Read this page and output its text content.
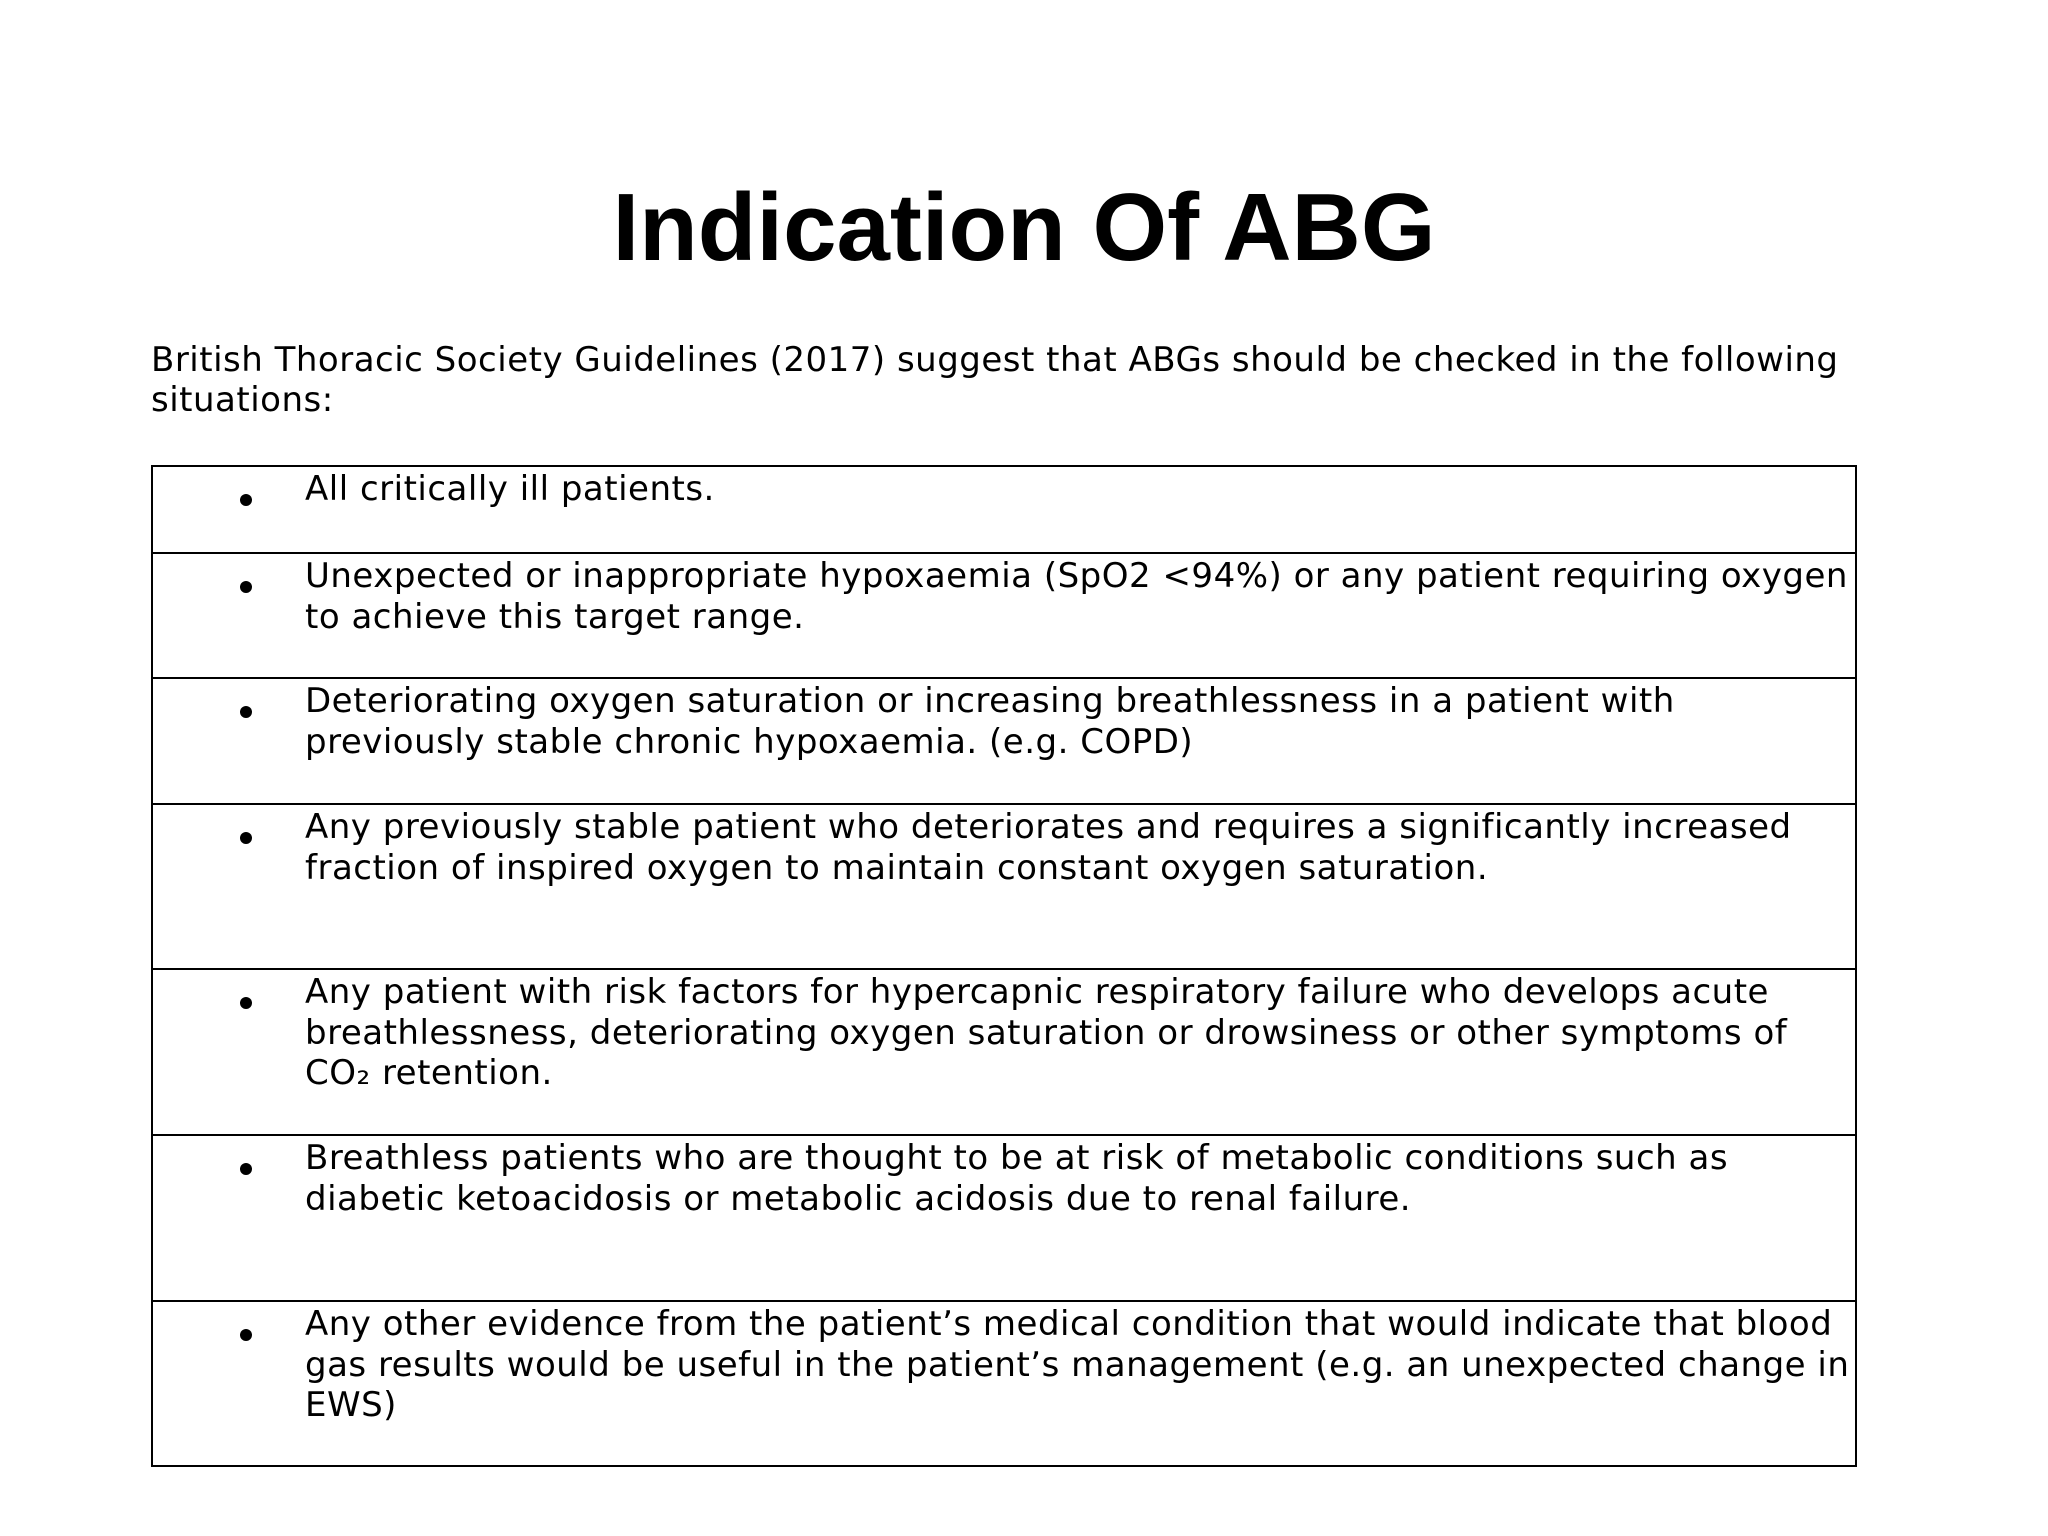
Indication Of ABG

British Thoracic Society Guidelines (2017) suggest that ABGs should be checked in the following situations:

All critically ill patients.
Unexpected or inappropriate hypoxaemia (SpO2 <94%) or any patient requiring oxygen to achieve this target range.
Deteriorating oxygen saturation or increasing breathlessness in a patient with previously stable chronic hypoxaemia. (e.g. COPD)
Any previously stable patient who deteriorates and requires a significantly increased fraction of inspired oxygen to maintain constant oxygen saturation.
Any patient with risk factors for hypercapnic respiratory failure who develops acute breathlessness, deteriorating oxygen saturation or drowsiness or other symptoms of CO₂ retention.
Breathless patients who are thought to be at risk of metabolic conditions such as diabetic ketoacidosis or metabolic acidosis due to renal failure.
Any other evidence from the patient’s medical condition that would indicate that blood gas results would be useful in the patient’s management (e.g. an unexpected change in EWS)
